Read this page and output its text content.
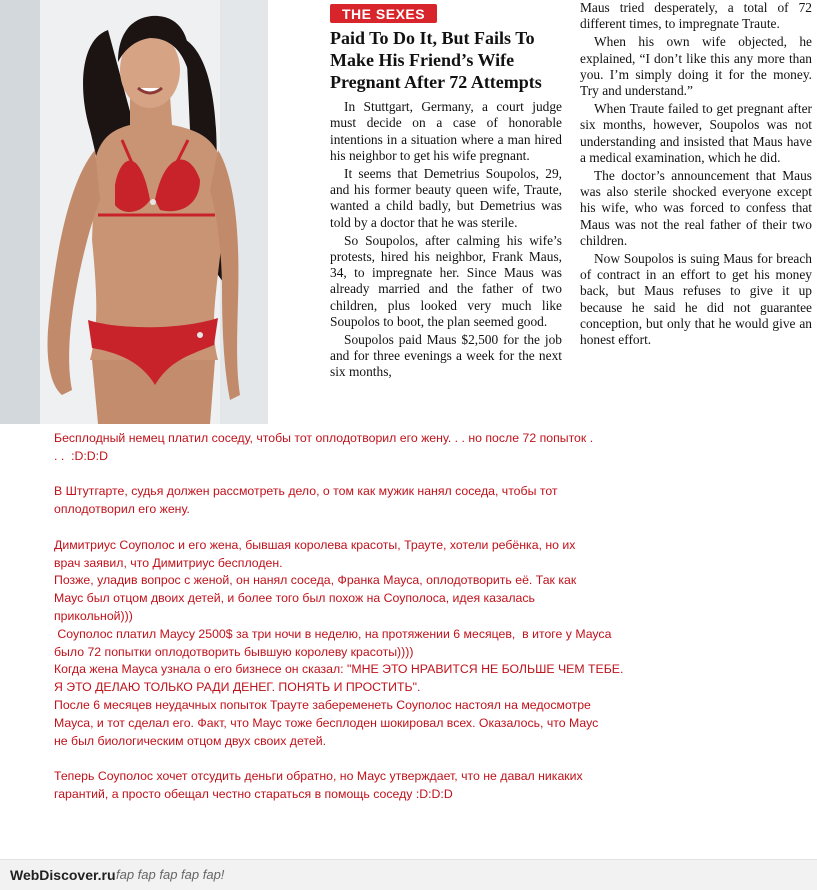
THE SEXES
Paid To Do It, But Fails To Make His Friend’s Wife Pregnant After 72 Attempts

In Stuttgart, Germany, a court judge must decide on a case of honorable intentions in a situation where a man hired his neighbor to get his wife pregnant.

It seems that Demetrius Soupolos, 29, and his former beauty queen wife, Traute, wanted a child badly, but Demetrius was told by a doctor that he was sterile.

So Soupolos, after calming his wife’s protests, hired his neighbor, Frank Maus, 34, to impregnate her. Since Maus was already married and the father of two children, plus looked very much like Soupolos to boot, the plan seemed good.

Soupolos paid Maus $2,500 for the job and for three evenings a week for the next six months,

Maus tried desperately, a total of 72 different times, to impregnate Traute.

When his own wife objected, he explained, “I don’t like this any more than you. I’m simply doing it for the money. Try and understand.”

When Traute failed to get pregnant after six months, however, Soupolos was not understanding and insisted that Maus have a medical examination, which he did.

The doctor’s announcement that Maus was also sterile shocked everyone except his wife, who was forced to confess that Maus was not the real father of their two children.

Now Soupolos is suing Maus for breach of contract in an effort to get his money back, but Maus refuses to give it up because he said he did not guarantee conception, but only that he would give an honest effort.

Бесплодный немец платил соседу, чтобы тот оплодотворил его жену. . . но после 72 попыток .
. .  :D:D:D

В Штутгарте, судья должен рассмотреть дело, о том как мужик нанял соседа, чтобы тот
оплодотворил его жену.

Димитриус Соуполос и его жена, бывшая королева красоты, Траутe, хотели ребёнка, но их
врач заявил, что Димитриус бесплоден.
Позже, уладив вопрос с женой, он нанял соседа, Франка Мауса, оплодотворить её. Так как
Маус был отцом двоих детей, и более того был похож на Соуполоса, идея казалась
прикольной)))
Соуполос платил Маусу 2500$ за три ночи в неделю, на протяжении 6 месяцев,  в итоге у Мауса
было 72 попытки оплодотворить бывшую королеву красоты))))
Когда жена Мауса узнала о его бизнесе он сказал: "МНЕ ЭТО НРАВИТСЯ НЕ БОЛЬШЕ ЧЕМ ТЕБЕ.
Я ЭТО ДЕЛАЮ ТОЛЬКО РАДИ ДЕНЕГ. ПОНЯТЬ И ПРОСТИТЬ".
После 6 месяцев неудачных попыток Траутe забеременеть Соуполос настоял на медосмотре
Мауса, и тот сделал его. Факт, что Маус тоже бесплоден шокировал всех. Оказалось, что Маус
не был биологическим отцом двух своих детей.

Теперь Соуполос хочет отсудить деньги обратно, но Маус утверждает, что не давал никаких
гарантий, а просто обещал честно стараться в помощь соседу :D:D:D

WebDiscover.ru fap fap fap fap fap!
